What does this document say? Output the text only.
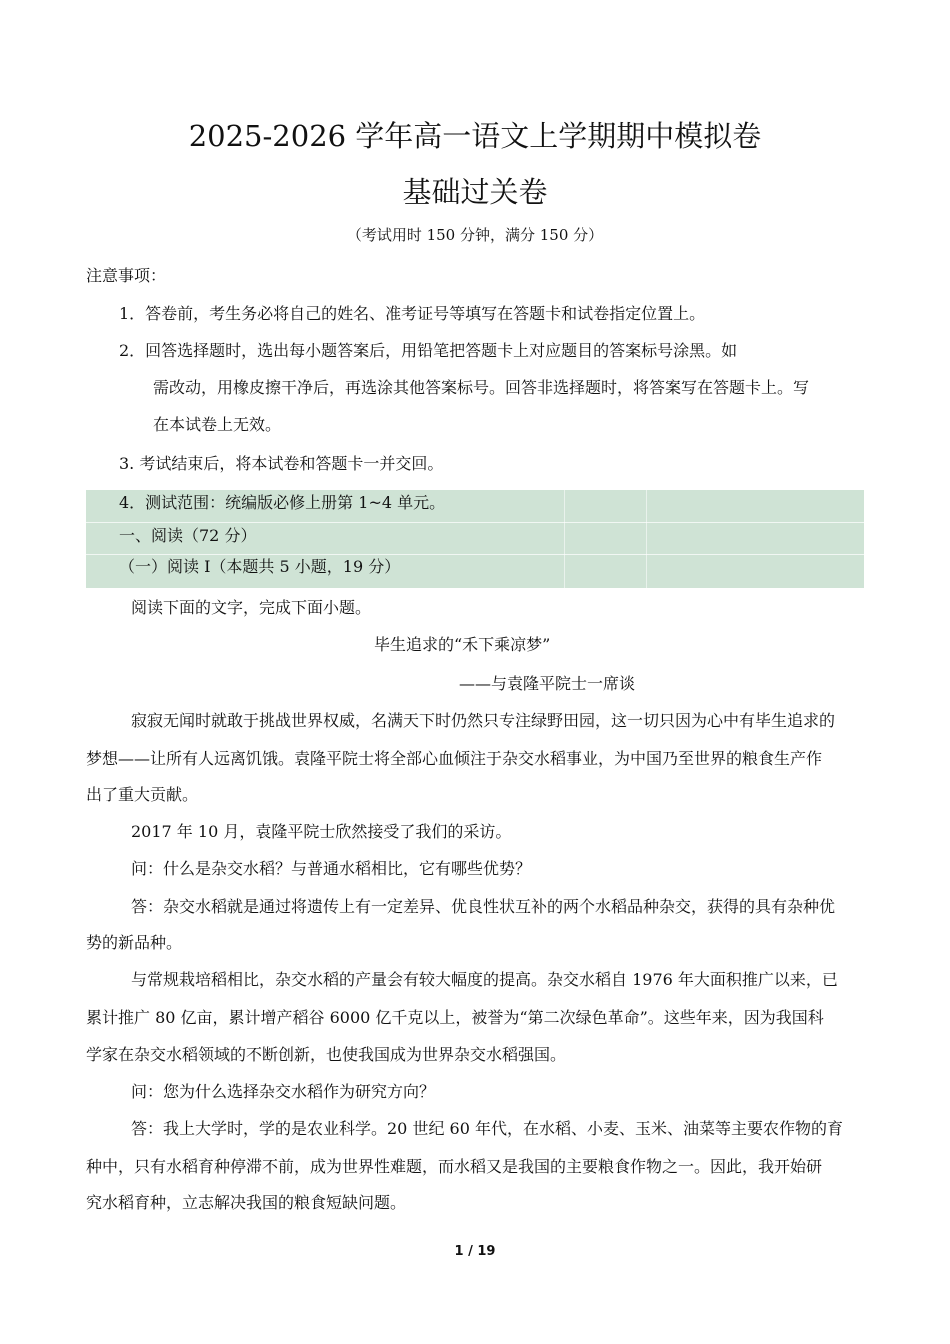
2025-2026 学年高一语文上学期期中模拟卷
基础过关卷
（考试用时 150 分钟，满分 150 分）
注意事项：
1．答卷前，考生务必将自己的姓名、准考证号等填写在答题卡和试卷指定位置上。
2．回答选择题时，选出每小题答案后，用铅笔把答题卡上对应题目的答案标号涂黑。如
需改动，用橡皮擦干净后，再选涂其他答案标号。回答非选择题时，将答案写在答题卡上。写
在本试卷上无效。
3. 考试结束后，将本试卷和答题卡一并交回。
4．测试范围：统编版必修上册第 1~4 单元。
一、阅读（72 分）
（一）阅读 I（本题共 5 小题，19 分）
阅读下面的文字，完成下面小题。
毕生追求的“禾下乘凉梦”
——与袁隆平院士一席谈
寂寂无闻时就敢于挑战世界权威，名满天下时仍然只专注绿野田园，这一切只因为心中有毕生追求的
梦想——让所有人远离饥饿。袁隆平院士将全部心血倾注于杂交水稻事业，为中国乃至世界的粮食生产作
出了重大贡献。
2017 年 10 月，袁隆平院士欣然接受了我们的采访。
问：什么是杂交水稻？与普通水稻相比，它有哪些优势？
答：杂交水稻就是通过将遗传上有一定差异、优良性状互补的两个水稻品种杂交，获得的具有杂种优
势的新品种。
与常规栽培稻相比，杂交水稻的产量会有较大幅度的提高。杂交水稻自 1976 年大面积推广以来，已
累计推广 80 亿亩，累计增产稻谷 6000 亿千克以上，被誉为“第二次绿色革命”。这些年来，因为我国科
学家在杂交水稻领域的不断创新，也使我国成为世界杂交水稻强国。
问：您为什么选择杂交水稻作为研究方向？
答：我上大学时，学的是农业科学。20 世纪 60 年代，在水稻、小麦、玉米、油菜等主要农作物的育
种中，只有水稻育种停滞不前，成为世界性难题，而水稻又是我国的主要粮食作物之一。因此，我开始研
究水稻育种，立志解决我国的粮食短缺问题。
1 / 19
